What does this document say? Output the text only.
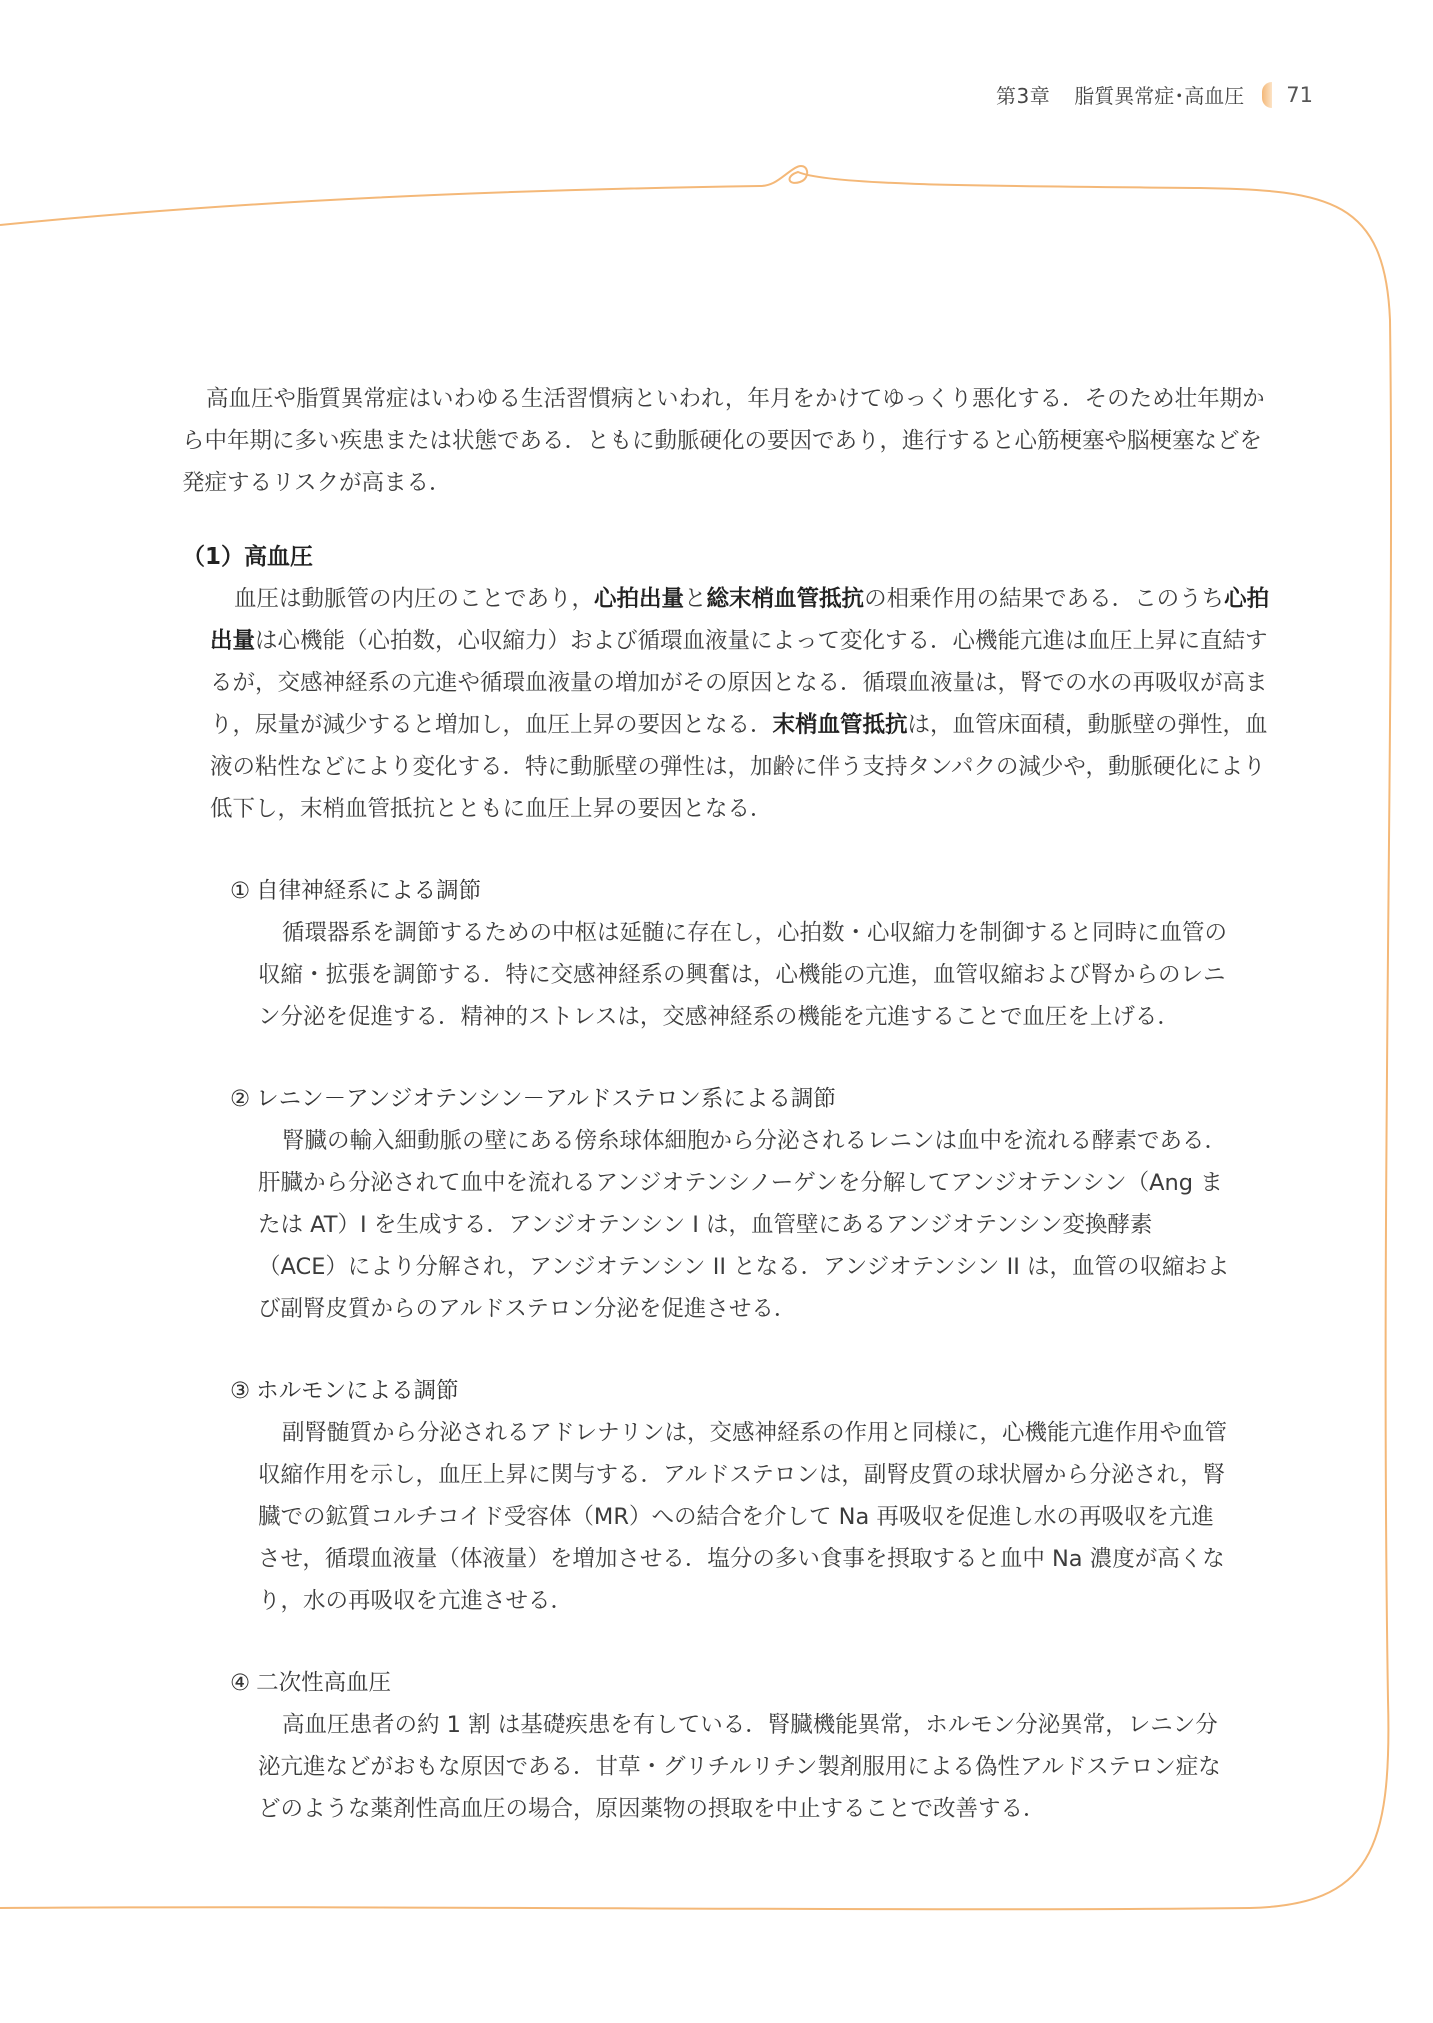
第3章 脂質異常症･高血圧 71

高血圧や脂質異常症はいわゆる生活習慣病といわれ，年月をかけてゆっくり悪化する．そのため壮年期から中年期に多い疾患または状態である．ともに動脈硬化の要因であり，進行すると心筋梗塞や脳梗塞などを発症するリスクが高まる．

（1）高血圧

血圧は動脈管の内圧のことであり，心拍出量と総末梢血管抵抗の相乗作用の結果である．このうち心拍出量は心機能（心拍数，心収縮力）および循環血液量によって変化する．心機能亢進は血圧上昇に直結するが，交感神経系の亢進や循環血液量の増加がその原因となる．循環血液量は，腎での水の再吸収が高まり，尿量が減少すると増加し，血圧上昇の要因となる．末梢血管抵抗は，血管床面積，動脈壁の弾性，血液の粘性などにより変化する．特に動脈壁の弾性は，加齢に伴う支持タンパクの減少や，動脈硬化により低下し，末梢血管抵抗とともに血圧上昇の要因となる．

① 自律神経系による調節

循環器系を調節するための中枢は延髄に存在し，心拍数・心収縮力を制御すると同時に血管の収縮・拡張を調節する．特に交感神経系の興奮は，心機能の亢進，血管収縮および腎からのレニン分泌を促進する．精神的ストレスは，交感神経系の機能を亢進することで血圧を上げる．

② レニン－アンジオテンシン－アルドステロン系による調節

腎臓の輸入細動脈の壁にある傍糸球体細胞から分泌されるレニンは血中を流れる酵素である．肝臓から分泌されて血中を流れるアンジオテンシノーゲンを分解してアンジオテンシン（Ang または AT）I を生成する．アンジオテンシン I は，血管壁にあるアンジオテンシン変換酵素（ACE）により分解され，アンジオテンシン II となる．アンジオテンシン II は，血管の収縮および副腎皮質からのアルドステロン分泌を促進させる．

③ ホルモンによる調節

副腎髄質から分泌されるアドレナリンは，交感神経系の作用と同様に，心機能亢進作用や血管収縮作用を示し，血圧上昇に関与する．アルドステロンは，副腎皮質の球状層から分泌され，腎臓での鉱質コルチコイド受容体（MR）への結合を介して Na 再吸収を促進し水の再吸収を亢進させ，循環血液量（体液量）を増加させる．塩分の多い食事を摂取すると血中 Na 濃度が高くなり，水の再吸収を亢進させる．

④ 二次性高血圧

高血圧患者の約 1 割 は基礎疾患を有している．腎臓機能異常，ホルモン分泌異常，レニン分泌亢進などがおもな原因である．甘草・グリチルリチン製剤服用による偽性アルドステロン症などのような薬剤性高血圧の場合，原因薬物の摂取を中止することで改善する．
